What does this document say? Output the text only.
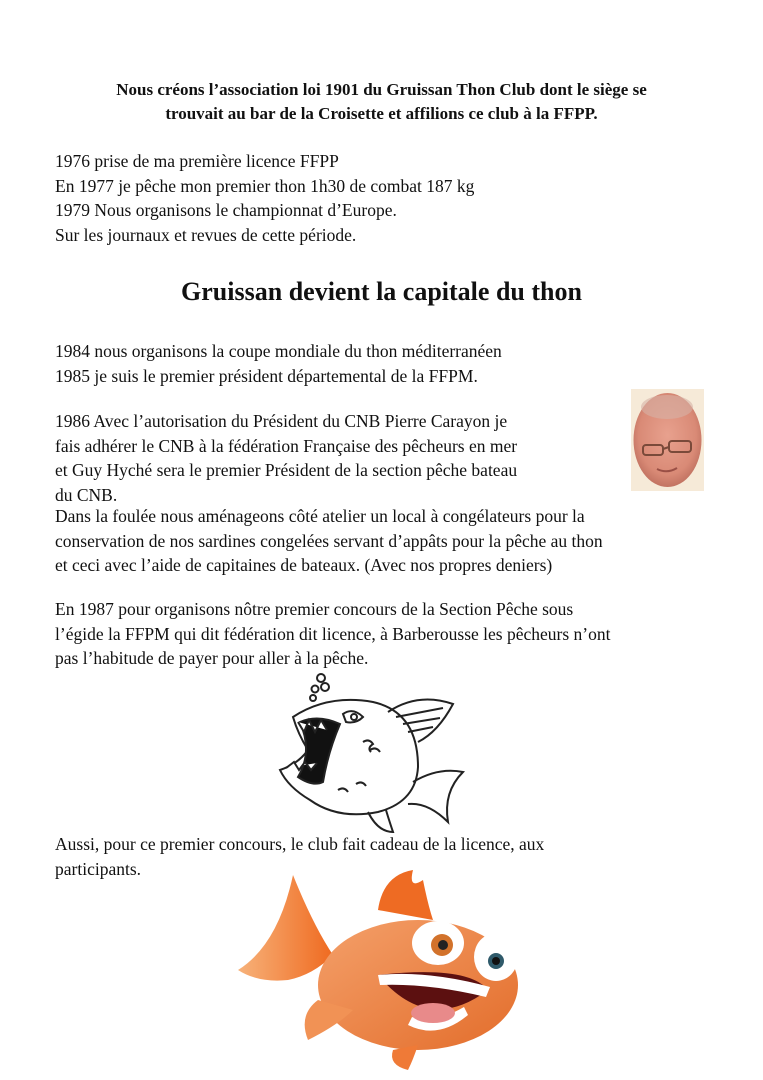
Nous créons l’association loi 1901 du Gruissan Thon Club dont le siège se
trouvait au bar de la Croisette et affilions ce club à la FFPP.
1976 prise de ma première licence FFPP
En 1977 je pêche mon premier thon 1h30 de combat 187 kg
1979 Nous organisons le championnat d’Europe.
Sur les journaux et revues de cette période.
Gruissan devient la capitale du thon
1984 nous organisons la coupe mondiale du thon méditerranéen
1985 je suis le premier président départemental de la FFPM.
1986 Avec l’autorisation du Président du CNB Pierre Carayon je
fais adhérer le CNB à la fédération Française des pêcheurs en mer
et Guy Hyché sera le premier Président de la section pêche bateau
du CNB.
Dans la foulée nous aménageons côté atelier un local à congélateurs pour la
conservation de nos sardines congelées servant d’appâts pour la pêche au thon
et ceci avec l’aide de capitaines de bateaux. (Avec nos propres deniers)
En 1987 pour organisons nôtre premier concours de la Section Pêche sous
l’égide la FFPM qui dit fédération dit licence, à Barberousse les pêcheurs n’ont
pas l’habitude de payer pour aller à la pêche.
Aussi, pour ce premier concours, le club fait cadeau de la licence, aux
participants.
